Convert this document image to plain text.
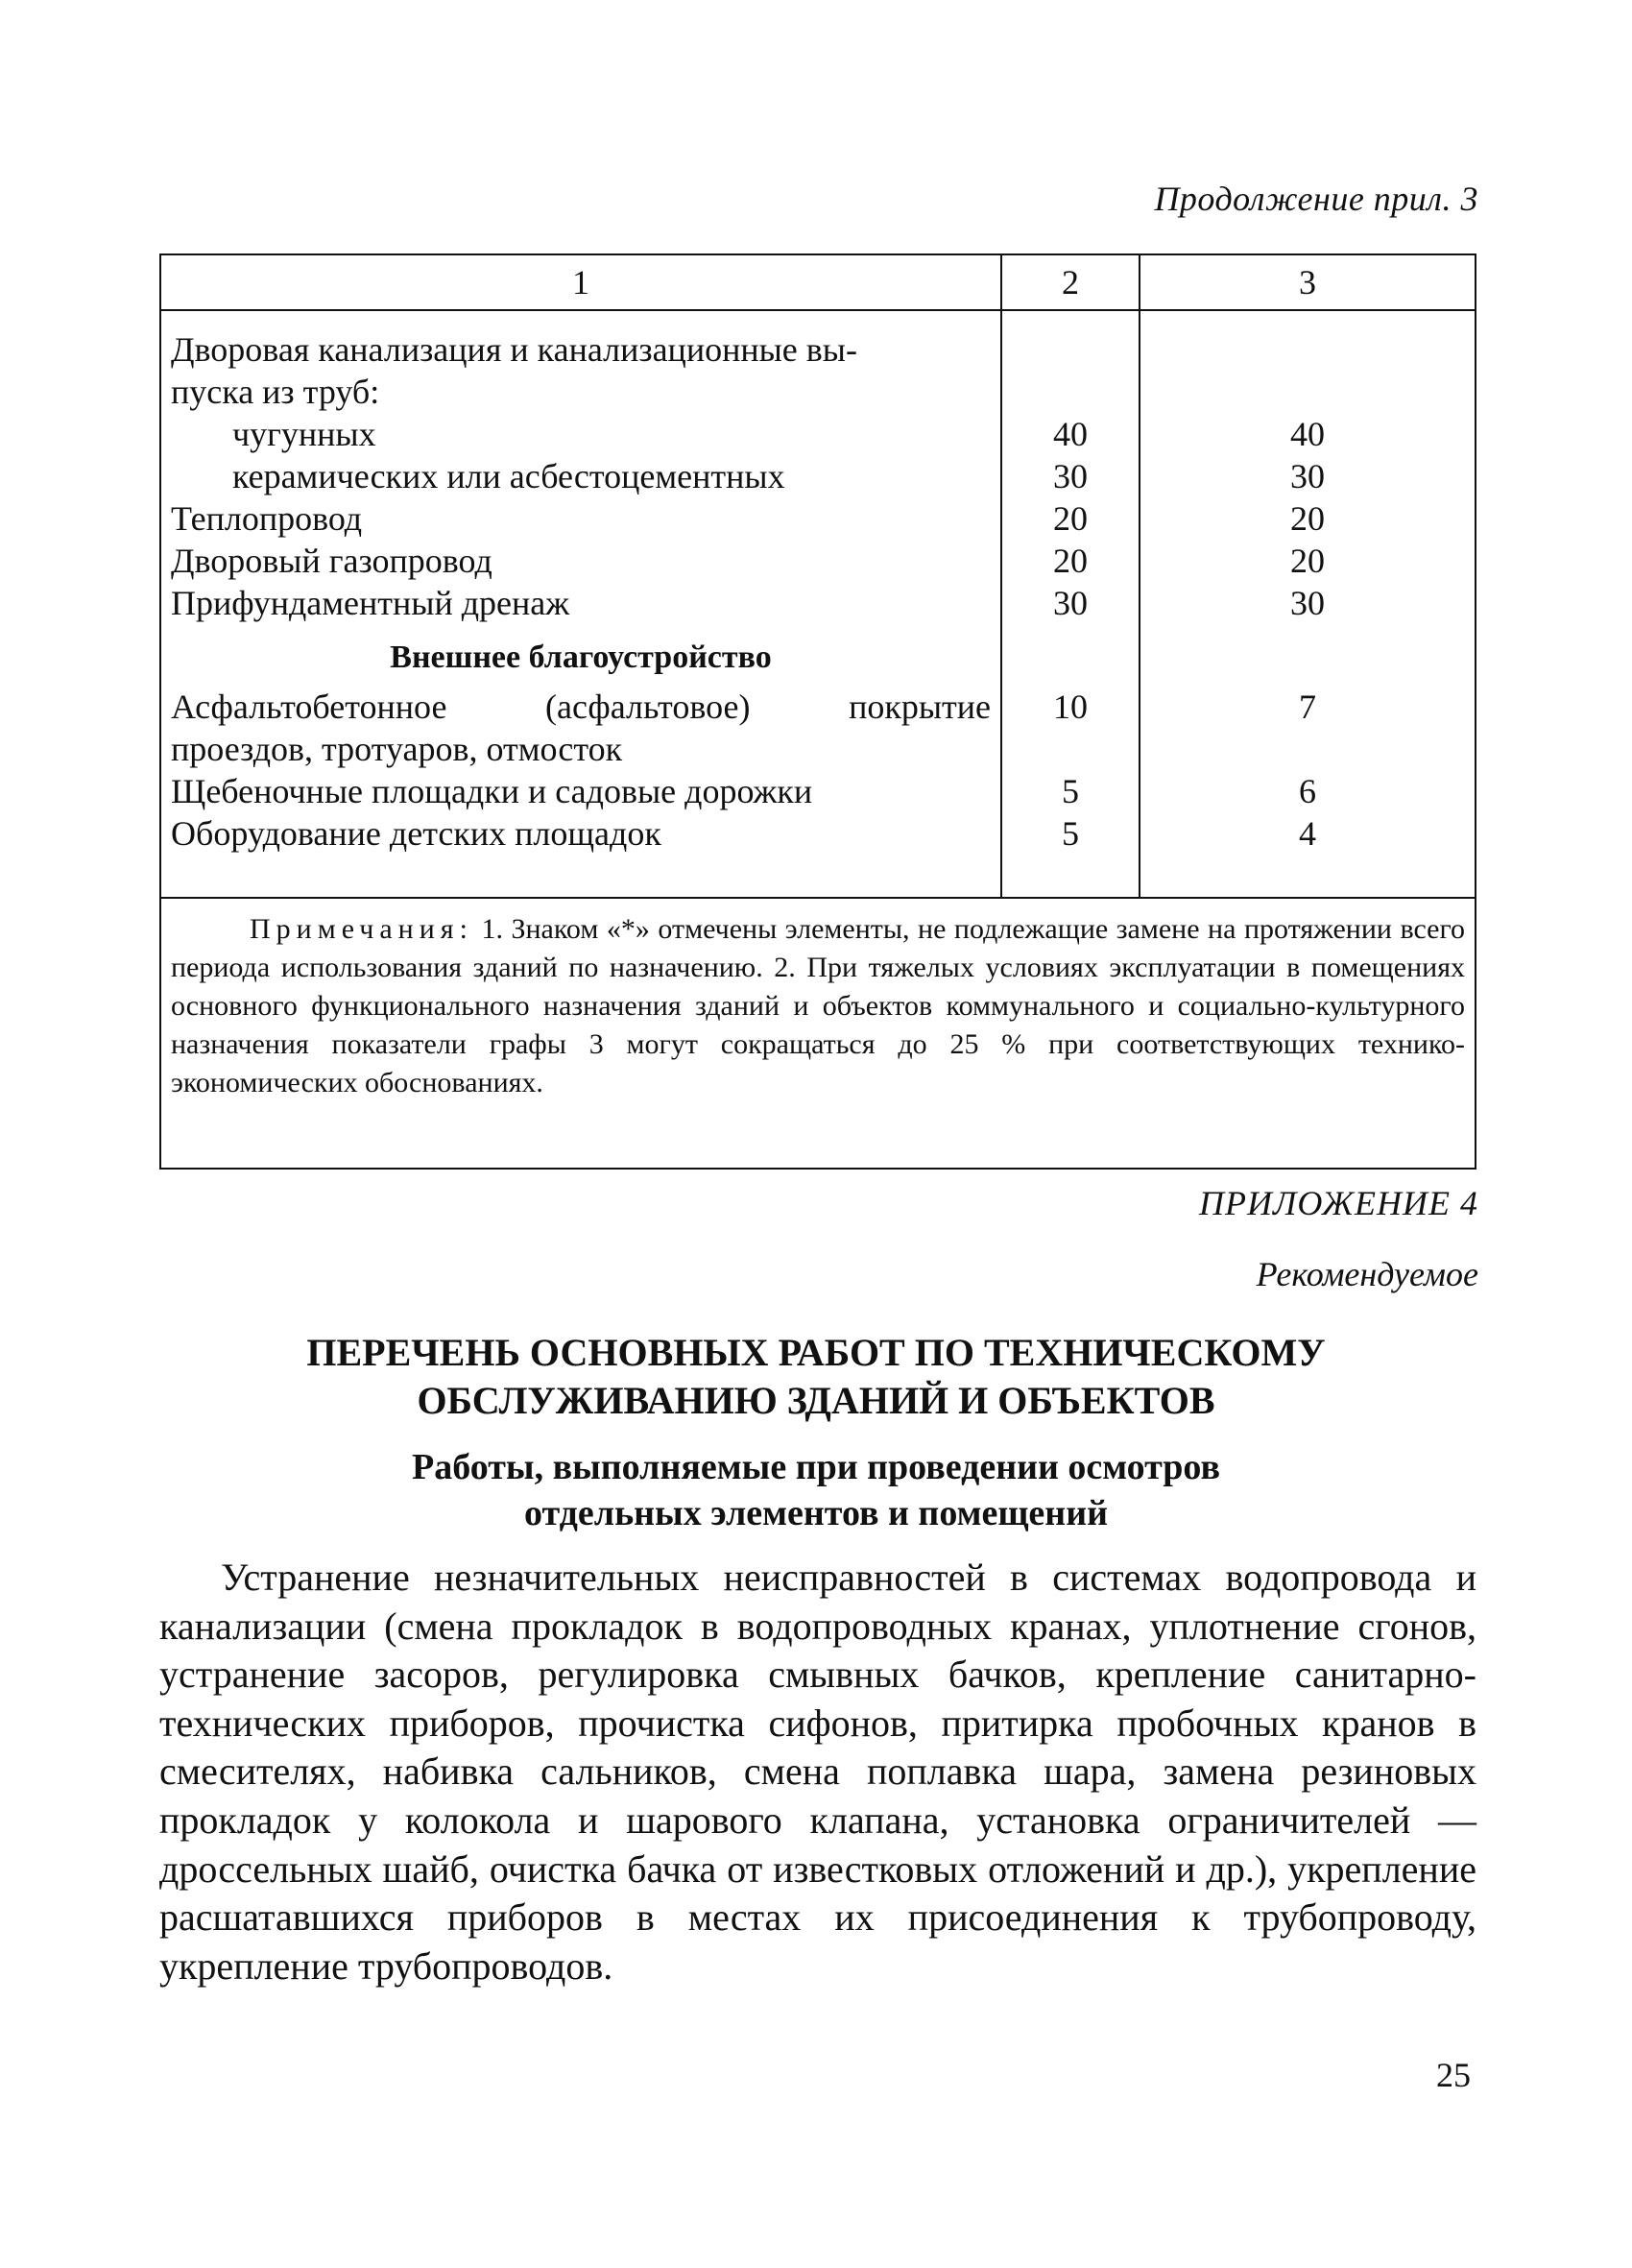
Продолжение прил. 3
1	2	3
Дворовая канализация и канализационные вы-
пуска из труб:
чугунных
керамических или асбестоцементных
Теплопровод
Дворовый газопровод
Прифундаментный дренаж
Внешнее благоустройство
Асфальтобетонное (асфальтовое) покрытие
проездов, тротуаров, отмосток
Щебеночные площадки и садовые дорожки
Оборудование детских площадок
40
30
20
20
30
10
5
5
40
30
20
20
30
7
6
4
Примечания: 1. Знаком «*» отмечены элементы, не подлежащие замене на протяжении всего периода использования зданий по назначению. 2. При тяжелых условиях эксплуатации в помещениях основного функционального назначения зданий и объектов коммунального и социально-культурного назначения показатели графы 3 могут сокращаться до 25 % при соответствующих технико-экономических обоснованиях.
ПРИЛОЖЕНИЕ 4
Рекомендуемое
ПЕРЕЧЕНЬ ОСНОВНЫХ РАБОТ ПО ТЕХНИЧЕСКОМУ
ОБСЛУЖИВАНИЮ ЗДАНИЙ И ОБЪЕКТОВ
Работы, выполняемые при проведении осмотров
отдельных элементов и помещений
Устранение незначительных неисправностей в системах водопровода и канализации (смена прокладок в водопроводных кранах, уплотнение сгонов, устранение засоров, регулировка смывных бачков, крепление санитарно-технических приборов, прочистка сифонов, притирка пробочных кранов в смесителях, набивка сальников, смена поплавка шара, замена резиновых прокладок у колокола и шарового клапана, установка ограничителей — дроссельных шайб, очистка бачка от известковых отложений и др.), укрепление расшатавшихся приборов в местах их присоединения к трубопроводу, укрепление трубопроводов.
25
